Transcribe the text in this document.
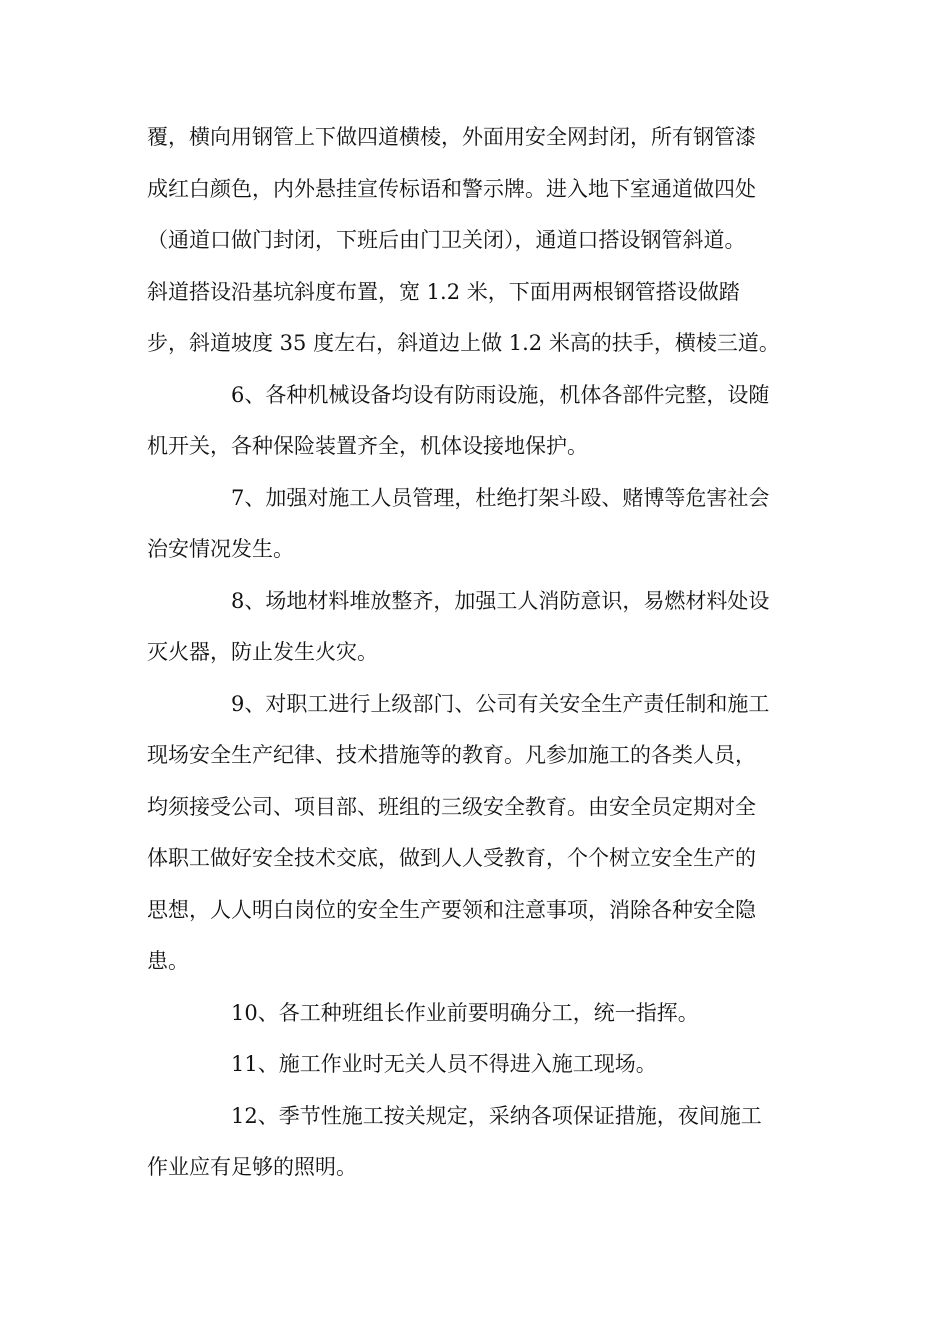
覆，横向用钢管上下做四道横棱，外面用安全网封闭，所有钢管漆
成红白颜色，内外悬挂宣传标语和警示牌。进入地下室通道做四处
（通道口做门封闭，下班后由门卫关闭），通道口搭设钢管斜道。
斜道搭设沿基坑斜度布置，宽 1.2 米，下面用两根钢管搭设做踏
步，斜道坡度 35 度左右，斜道边上做 1.2 米高的扶手，横棱三道。
6、各种机械设备均设有防雨设施，机体各部件完整，设随
机开关，各种保险装置齐全，机体设接地保护。
7、加强对施工人员管理，杜绝打架斗殴、赌博等危害社会
治安情况发生。
8、场地材料堆放整齐，加强工人消防意识，易燃材料处设
灭火器，防止发生火灾。
9、对职工进行上级部门、公司有关安全生产责任制和施工
现场安全生产纪律、技术措施等的教育。凡参加施工的各类人员，
均须接受公司、项目部、班组的三级安全教育。由安全员定期对全
体职工做好安全技术交底，做到人人受教育，个个树立安全生产的
思想，人人明白岗位的安全生产要领和注意事项，消除各种安全隐
患。
10、各工种班组长作业前要明确分工，统一指挥。
11、施工作业时无关人员不得进入施工现场。
12、季节性施工按关规定，采纳各项保证措施，夜间施工
作业应有足够的照明。
